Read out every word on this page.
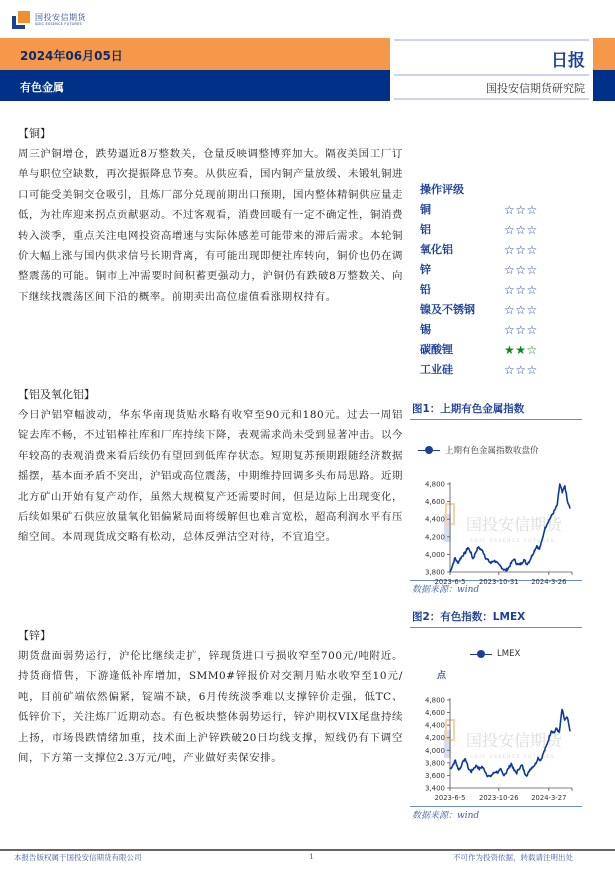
国投安信期货
SDIC ESSENCE FUTURES
2024年06月05日
有色金属
日报
国投安信期货研究院
【铜】
周三沪铜增仓，跌势逼近8万整数关，仓量反映调整博弈加大。隔夜美国工厂订单与职位空缺数，再次提振降息节奏。从供应看，国内铜产量放缓、未锻轧铜进口可能受美铜交仓吸引，且炼厂部分兑现前期出口预期，国内整体精铜供应量走低，为社库迎来拐点贡献驱动。不过客观看，消费回暖有一定不确定性，铜消费转入淡季，重点关注电网投资高增速与实际体感差可能带来的滞后需求。本轮铜价大幅上涨与国内供求信号长期背离，有可能出现即便社库转向，铜价也仍在调整震荡的可能。铜市上冲需要时间积蓄更强动力，沪铜仍有跌破8万整数关、向下继续找震荡区间下沿的概率。前期卖出高位虚值看涨期权持有。
【铝及氧化铝】
今日沪铝窄幅波动，华东华南现货贴水略有收窄至90元和180元。过去一周铝锭去库不畅，不过铝棒社库和厂库持续下降，表观需求尚未受到显著冲击。以今年较高的表观消费来看后续仍有望回到低库存状态。短期复苏预期跟随经济数据摇摆，基本面矛盾不突出，沪铝或高位震荡，中期维持回调多头布局思路。近期北方矿山开始有复产动作，虽然大规模复产还需要时间，但是边际上出现变化，后续如果矿石供应放量氧化铝偏紧局面将缓解但也难言宽松，超高利润水平有压缩空间。本周现货成交略有松动，总体反弹沽空对待，不宜追空。
【锌】
期货盘面弱势运行，沪伦比继续走扩，锌现货进口亏损收窄至700元/吨附近。持货商惜售，下游逢低补库增加，SMM0#锌报价对交割月贴水收窄至10元/吨，目前矿端依然偏紧，锭端不缺，6月传统淡季难以支撑锌价走强，低TC、低锌价下，关注炼厂近期动态。有色板块整体弱势运行，锌沪期权VIX尾盘持续上扬，市场畏跌情绪加重，技术面上沪锌跌破20日均线支撑，短线仍有下调空间，下方第一支撑位2.3万元/吨，产业做好卖保安排。
操作评级
铜	☆☆☆
铝	☆☆☆
氧化铝	☆☆☆
锌	☆☆☆
铅	☆☆☆
镍及不锈钢	☆☆☆
锡	☆☆☆
碳酸锂	★★☆
工业硅	☆☆☆
图1：上期有色金属指数
上期有色金属指数收盘价
国投安信期货
SDIC ESSENCE FUTURES
3,800
4,000
4,200
4,400
4,600
4,800
2023-6-5 2023-10-31 2024-3-26
数据来源：wind
图2：有色指数：LMEX
LMEX
点
国投安信期货
SDIC ESSENCE FUTURES
3,400
3,600
3,800
4,000
4,200
4,400
4,600
4,800
2023-6-5 2023-10-26 2024-3-27
数据来源：wind
本报告版权属于国投安信期货有限公司	1	不可作为投资依据，转载请注明出处
